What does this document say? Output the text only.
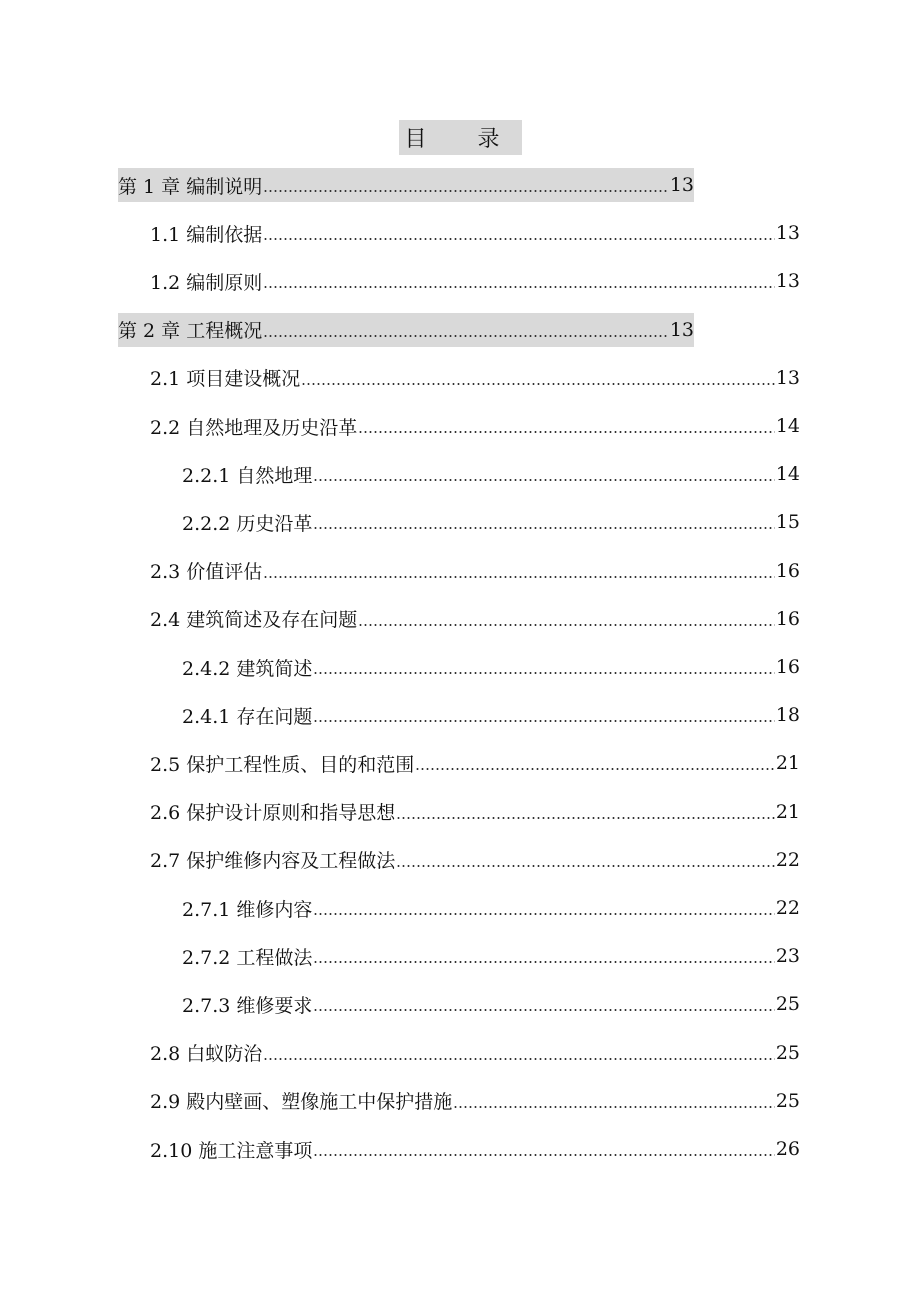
目 录
第 1 章 编制说明	13
1.1 编制依据	13
1.2 编制原则	13
第 2 章 工程概况	13
2.1 项目建设概况	13
2.2 自然地理及历史沿革	14
2.2.1 自然地理	14
2.2.2 历史沿革	15
2.3 价值评估	16
2.4 建筑简述及存在问题	16
2.4.2 建筑简述	16
2.4.1 存在问题	18
2.5 保护工程性质、目的和范围	21
2.6 保护设计原则和指导思想	21
2.7 保护维修内容及工程做法	22
2.7.1 维修内容	22
2.7.2 工程做法	23
2.7.3 维修要求	25
2.8 白蚁防治	25
2.9 殿内壁画、塑像施工中保护措施	25
2.10 施工注意事项	26
